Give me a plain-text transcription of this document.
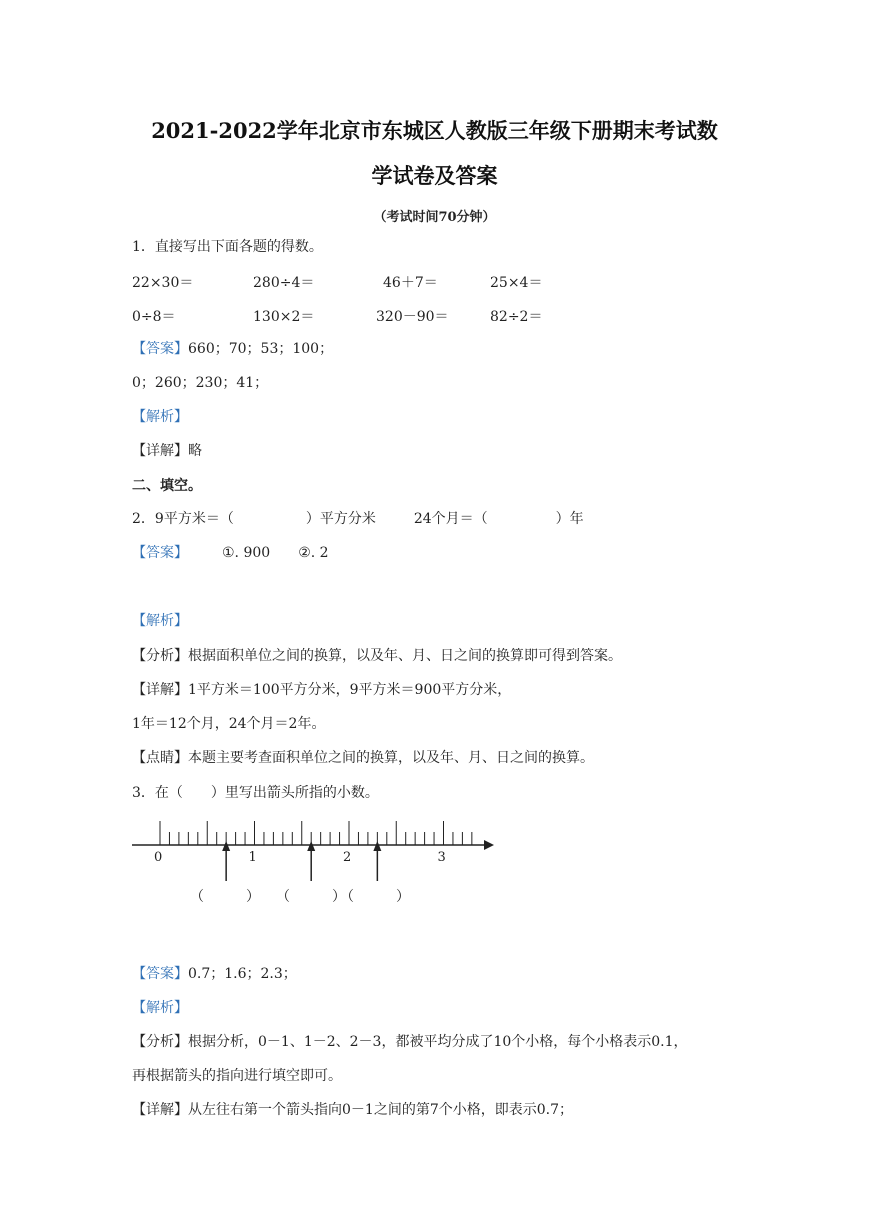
2021-2022学年北京市东城区人教版三年级下册期末考试数
学试卷及答案
（考试时间70分钟）
1．直接写出下面各题的得数。
22×30＝	280÷4＝	46＋7＝	25×4＝
0÷8＝	130×2＝	320－90＝	82÷2＝
【答案】660；70；53；100；
0；260；230；41；
【解析】
【详解】略
二、填空。
2．9平方米＝（	）平方分米	24个月＝（	）年
【答案】 ①. 900 ②. 2
【解析】
【分析】根据面积单位之间的换算，以及年、月、日之间的换算即可得到答案。
【详解】1平方米＝100平方分米，9平方米＝900平方分米，
1年＝12个月，24个月＝2年。
【点睛】本题主要考查面积单位之间的换算，以及年、月、日之间的换算。
3．在（　　）里写出箭头所指的小数。
0	1	2	3
（　　　） （　　　）
（　　　）
【答案】0.7；1.6；2.3；
【解析】
【分析】根据分析，0－1、1－2、2－3，都被平均分成了10个小格，每个小格表示0.1，
再根据箭头的指向进行填空即可。
【详解】从左往右第一个箭头指向0－1之间的第7个小格，即表示0.7；
